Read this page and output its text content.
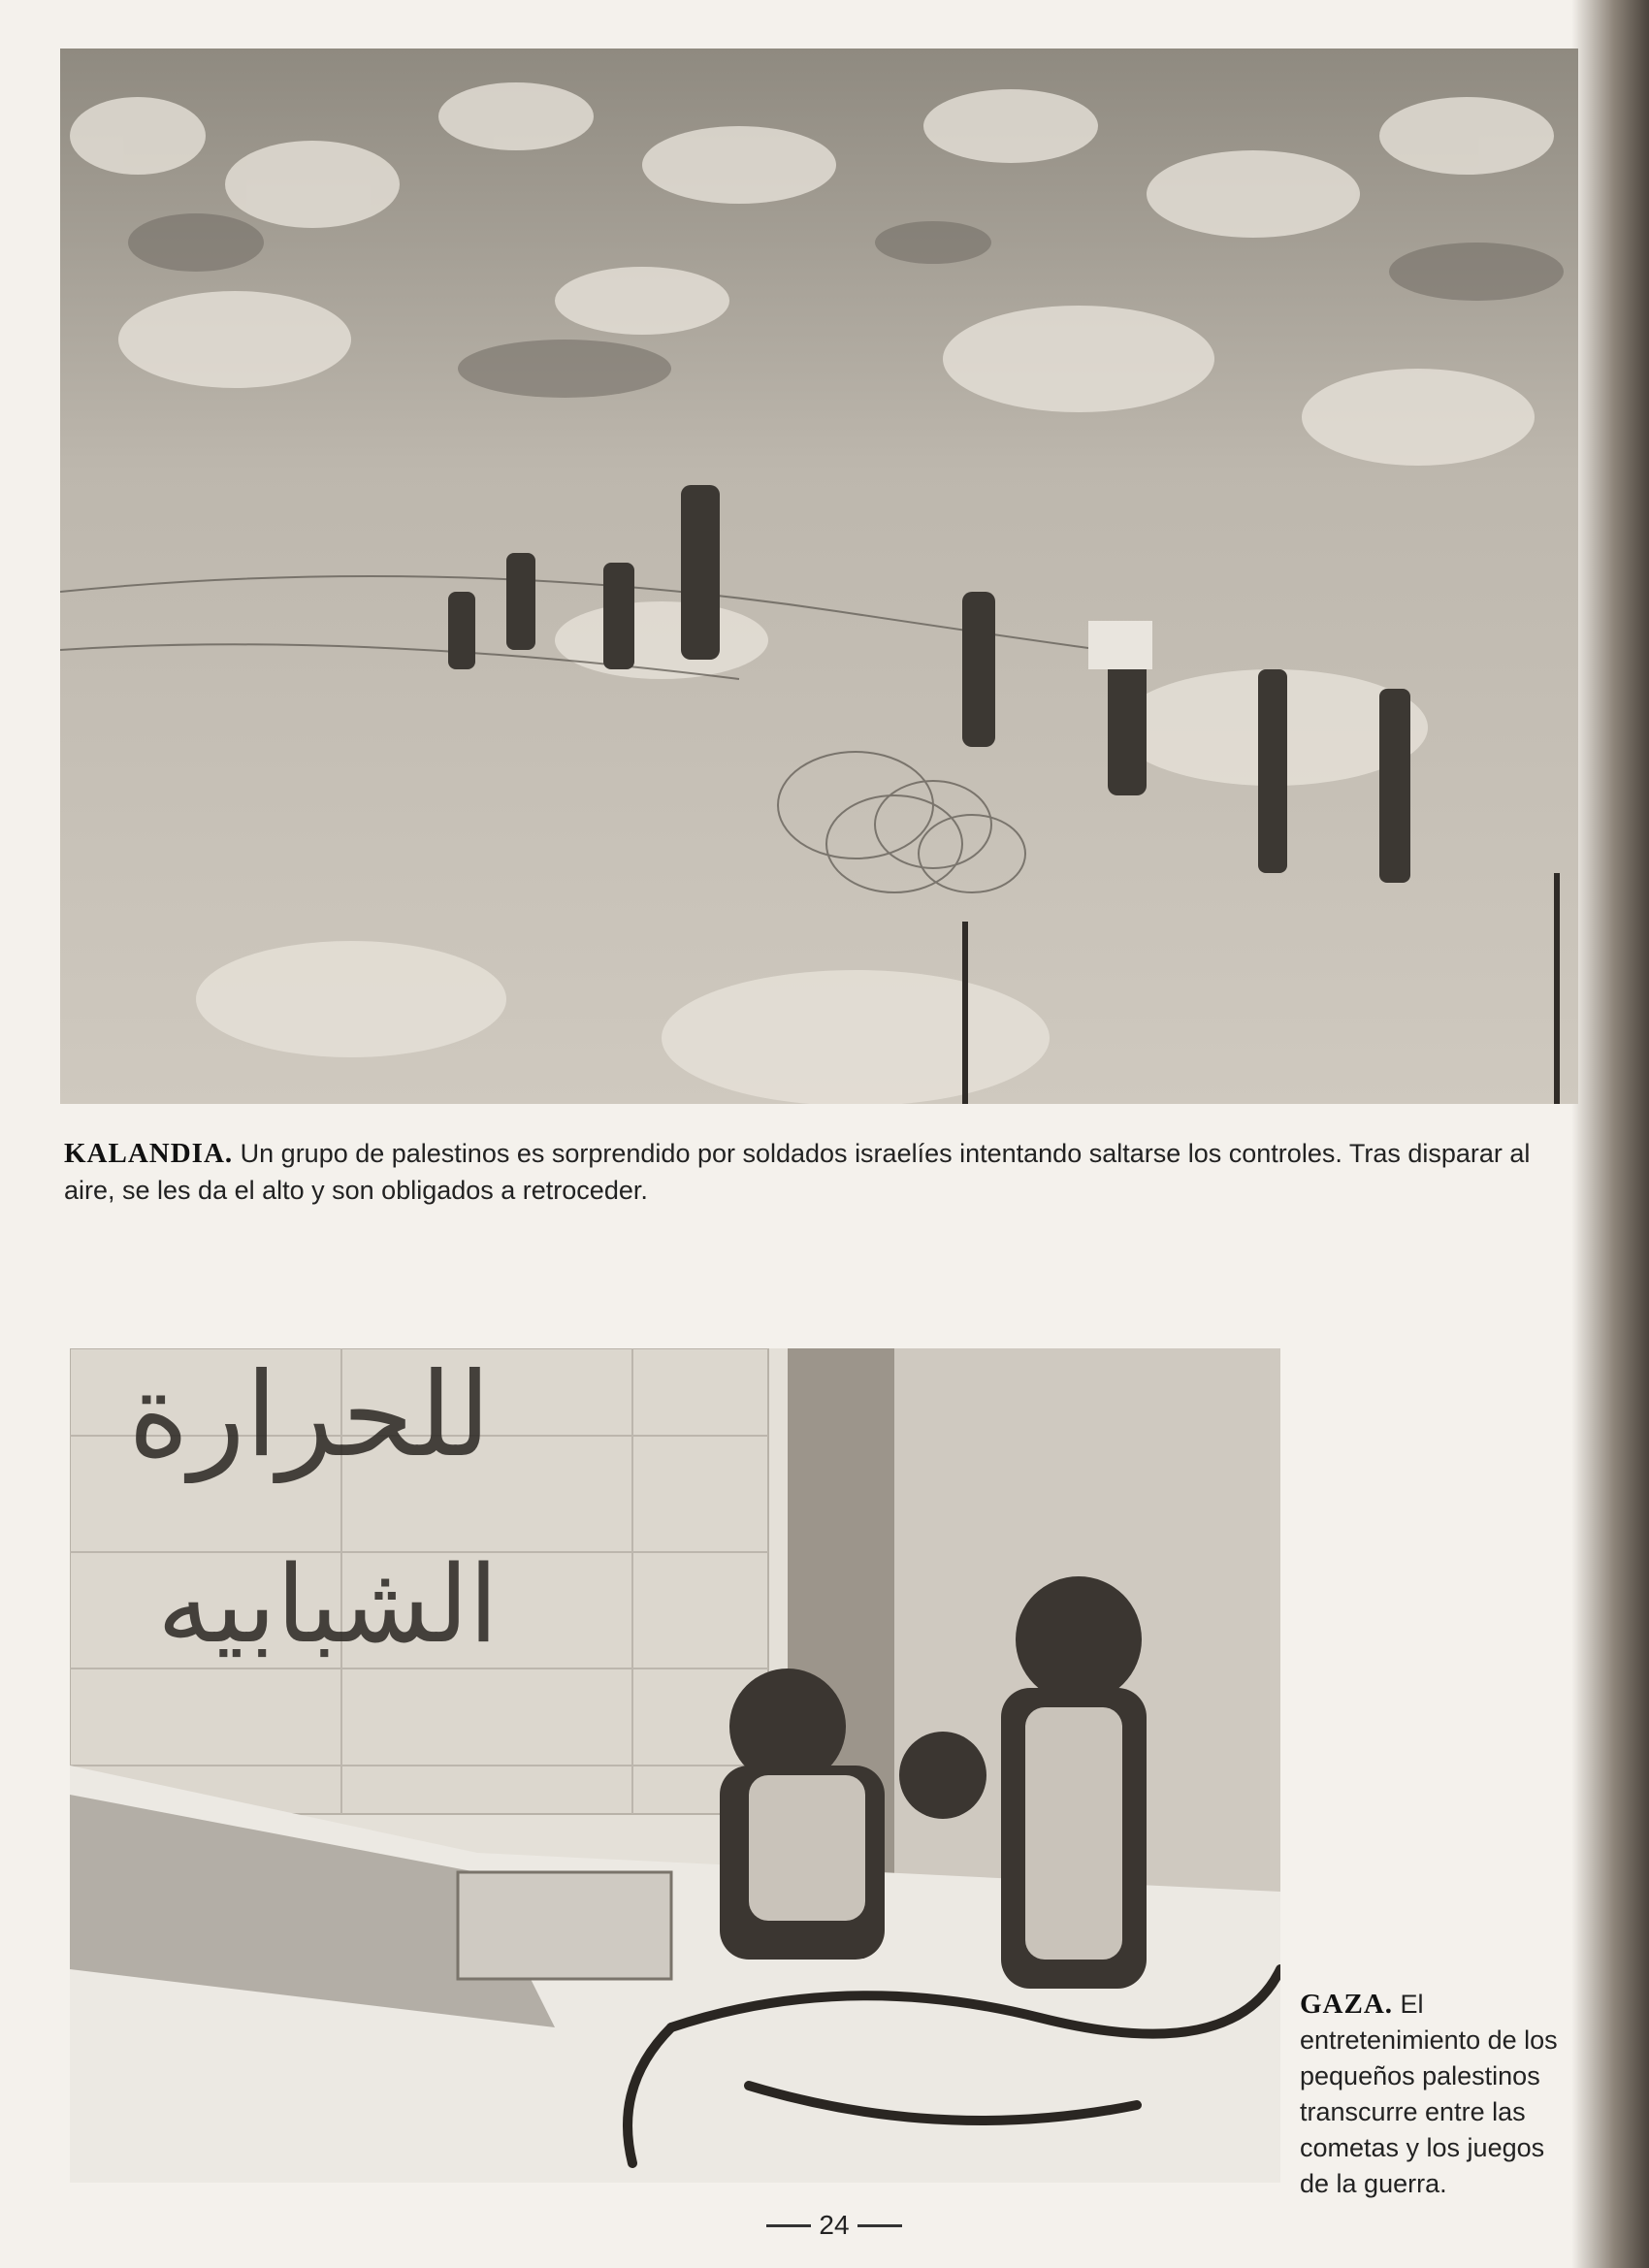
KALANDIA. Un grupo de palestinos es sorprendido por soldados israelíes intentando saltarse los controles. Tras disparar al aire, se les da el alto y son obligados a retroceder.
للحرارة
الشبابيه
GAZA. El
entretenimiento de los
pequeños palestinos
transcurre entre las
cometas y los juegos
de la guerra.
24
